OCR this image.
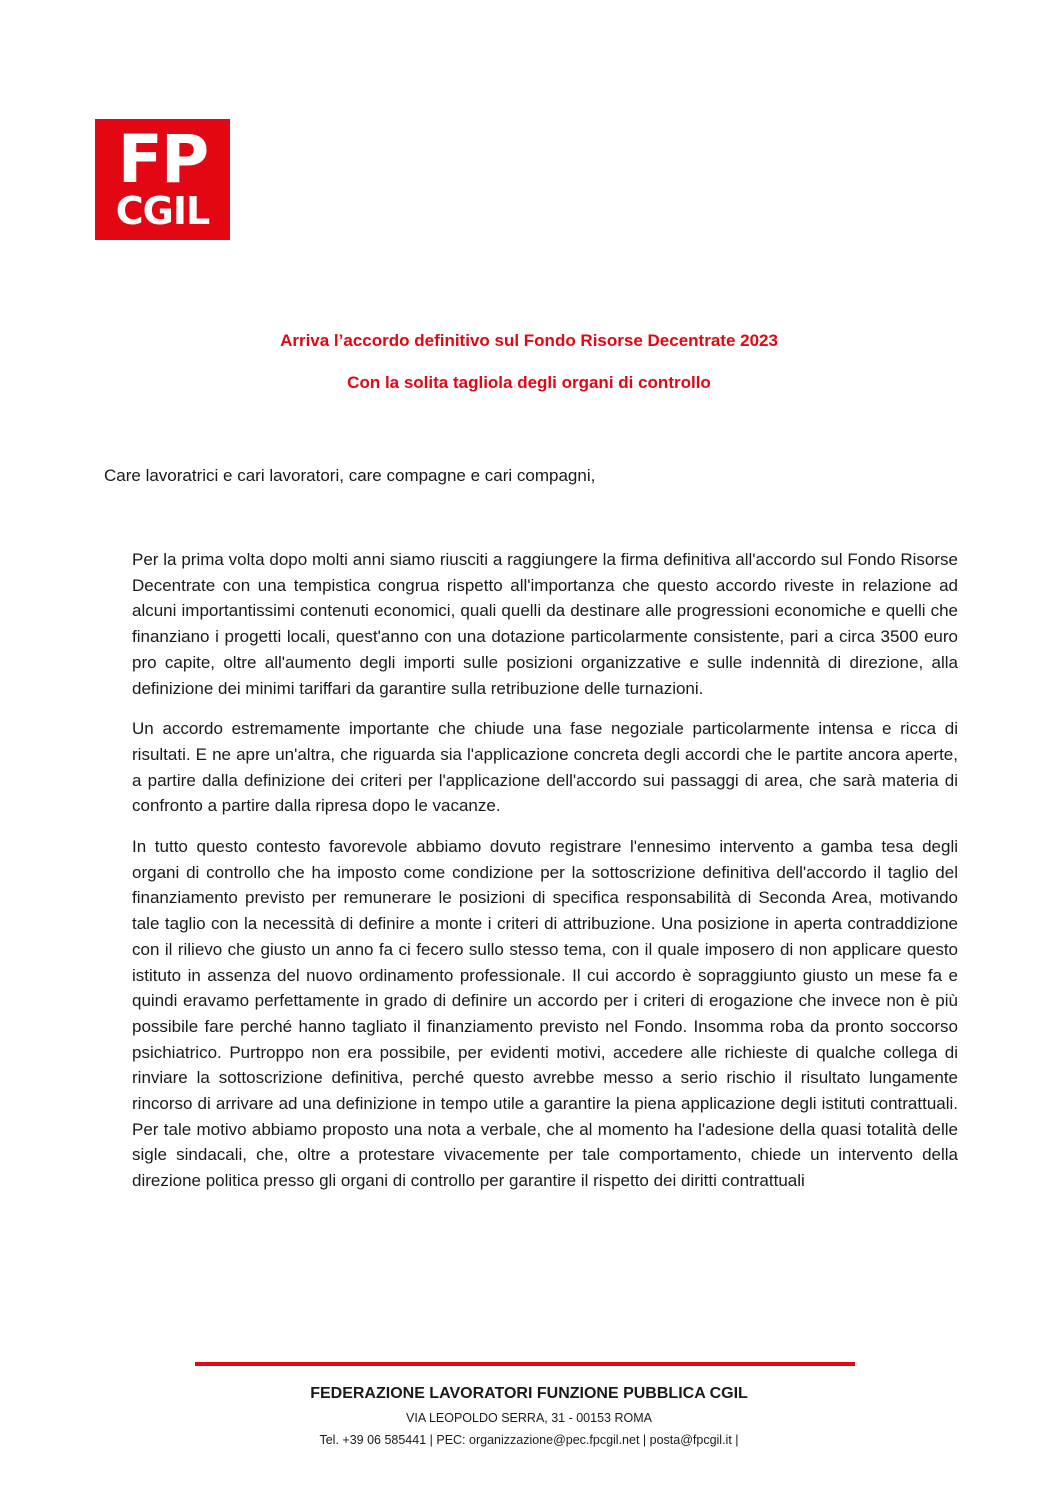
FP
CGIL
Arriva l’accordo definitivo sul Fondo Risorse Decentrate 2023
Con la solita tagliola degli organi di controllo
Care lavoratrici e cari lavoratori, care compagne e cari compagni,

Per la prima volta dopo molti anni siamo riusciti a raggiungere la firma definitiva all'accordo sul Fondo Risorse Decentrate con una tempistica congrua rispetto all'importanza che questo accordo riveste in relazione ad alcuni importantissimi contenuti economici, quali quelli da destinare alle progressioni economiche e quelli che finanziano i progetti locali, quest'anno con una dotazione particolarmente consistente, pari a circa 3500 euro pro capite, oltre all'aumento degli importi sulle posizioni organizzative e sulle indennità di direzione, alla definizione dei minimi tariffari da garantire sulla retribuzione delle turnazioni.

Un accordo estremamente importante che chiude una fase negoziale particolarmente intensa e ricca di risultati. E ne apre un'altra, che riguarda sia l'applicazione concreta degli accordi che le partite ancora aperte, a partire dalla definizione dei criteri per l'applicazione dell'accordo sui passaggi di area, che sarà materia di confronto a partire dalla ripresa dopo le vacanze.

In tutto questo contesto favorevole abbiamo dovuto registrare l'ennesimo intervento a gamba tesa degli organi di controllo che ha imposto come condizione per la sottoscrizione definitiva dell'accordo il taglio del finanziamento previsto per remunerare le posizioni di specifica responsabilità di Seconda Area, motivando tale taglio con la necessità di definire a monte i criteri di attribuzione. Una posizione in aperta contraddizione con il rilievo che giusto un anno fa ci fecero sullo stesso tema, con il quale imposero di non applicare questo istituto in assenza del nuovo ordinamento professionale. Il cui accordo è sopraggiunto giusto un mese fa e quindi eravamo perfettamente in grado di definire un accordo per i criteri di erogazione che invece non è più possibile fare perché hanno tagliato il finanziamento previsto nel Fondo. Insomma roba da pronto soccorso psichiatrico. Purtroppo non era possibile, per evidenti motivi, accedere alle richieste di qualche collega di rinviare la sottoscrizione definitiva, perché questo avrebbe messo a serio rischio il risultato lungamente rincorso di arrivare ad una definizione in tempo utile a garantire la piena applicazione degli istituti contrattuali. Per tale motivo abbiamo proposto una nota a verbale, che al momento ha l'adesione della quasi totalità delle sigle sindacali, che, oltre a protestare vivacemente per tale comportamento, chiede un intervento della direzione politica presso gli organi di controllo per garantire il rispetto dei diritti contrattuali

FEDERAZIONE LAVORATORI FUNZIONE PUBBLICA CGIL
VIA LEOPOLDO SERRA, 31 - 00153 ROMA
Tel. +39 06 585441 | PEC: organizzazione@pec.fpcgil.net | posta@fpcgil.it |
